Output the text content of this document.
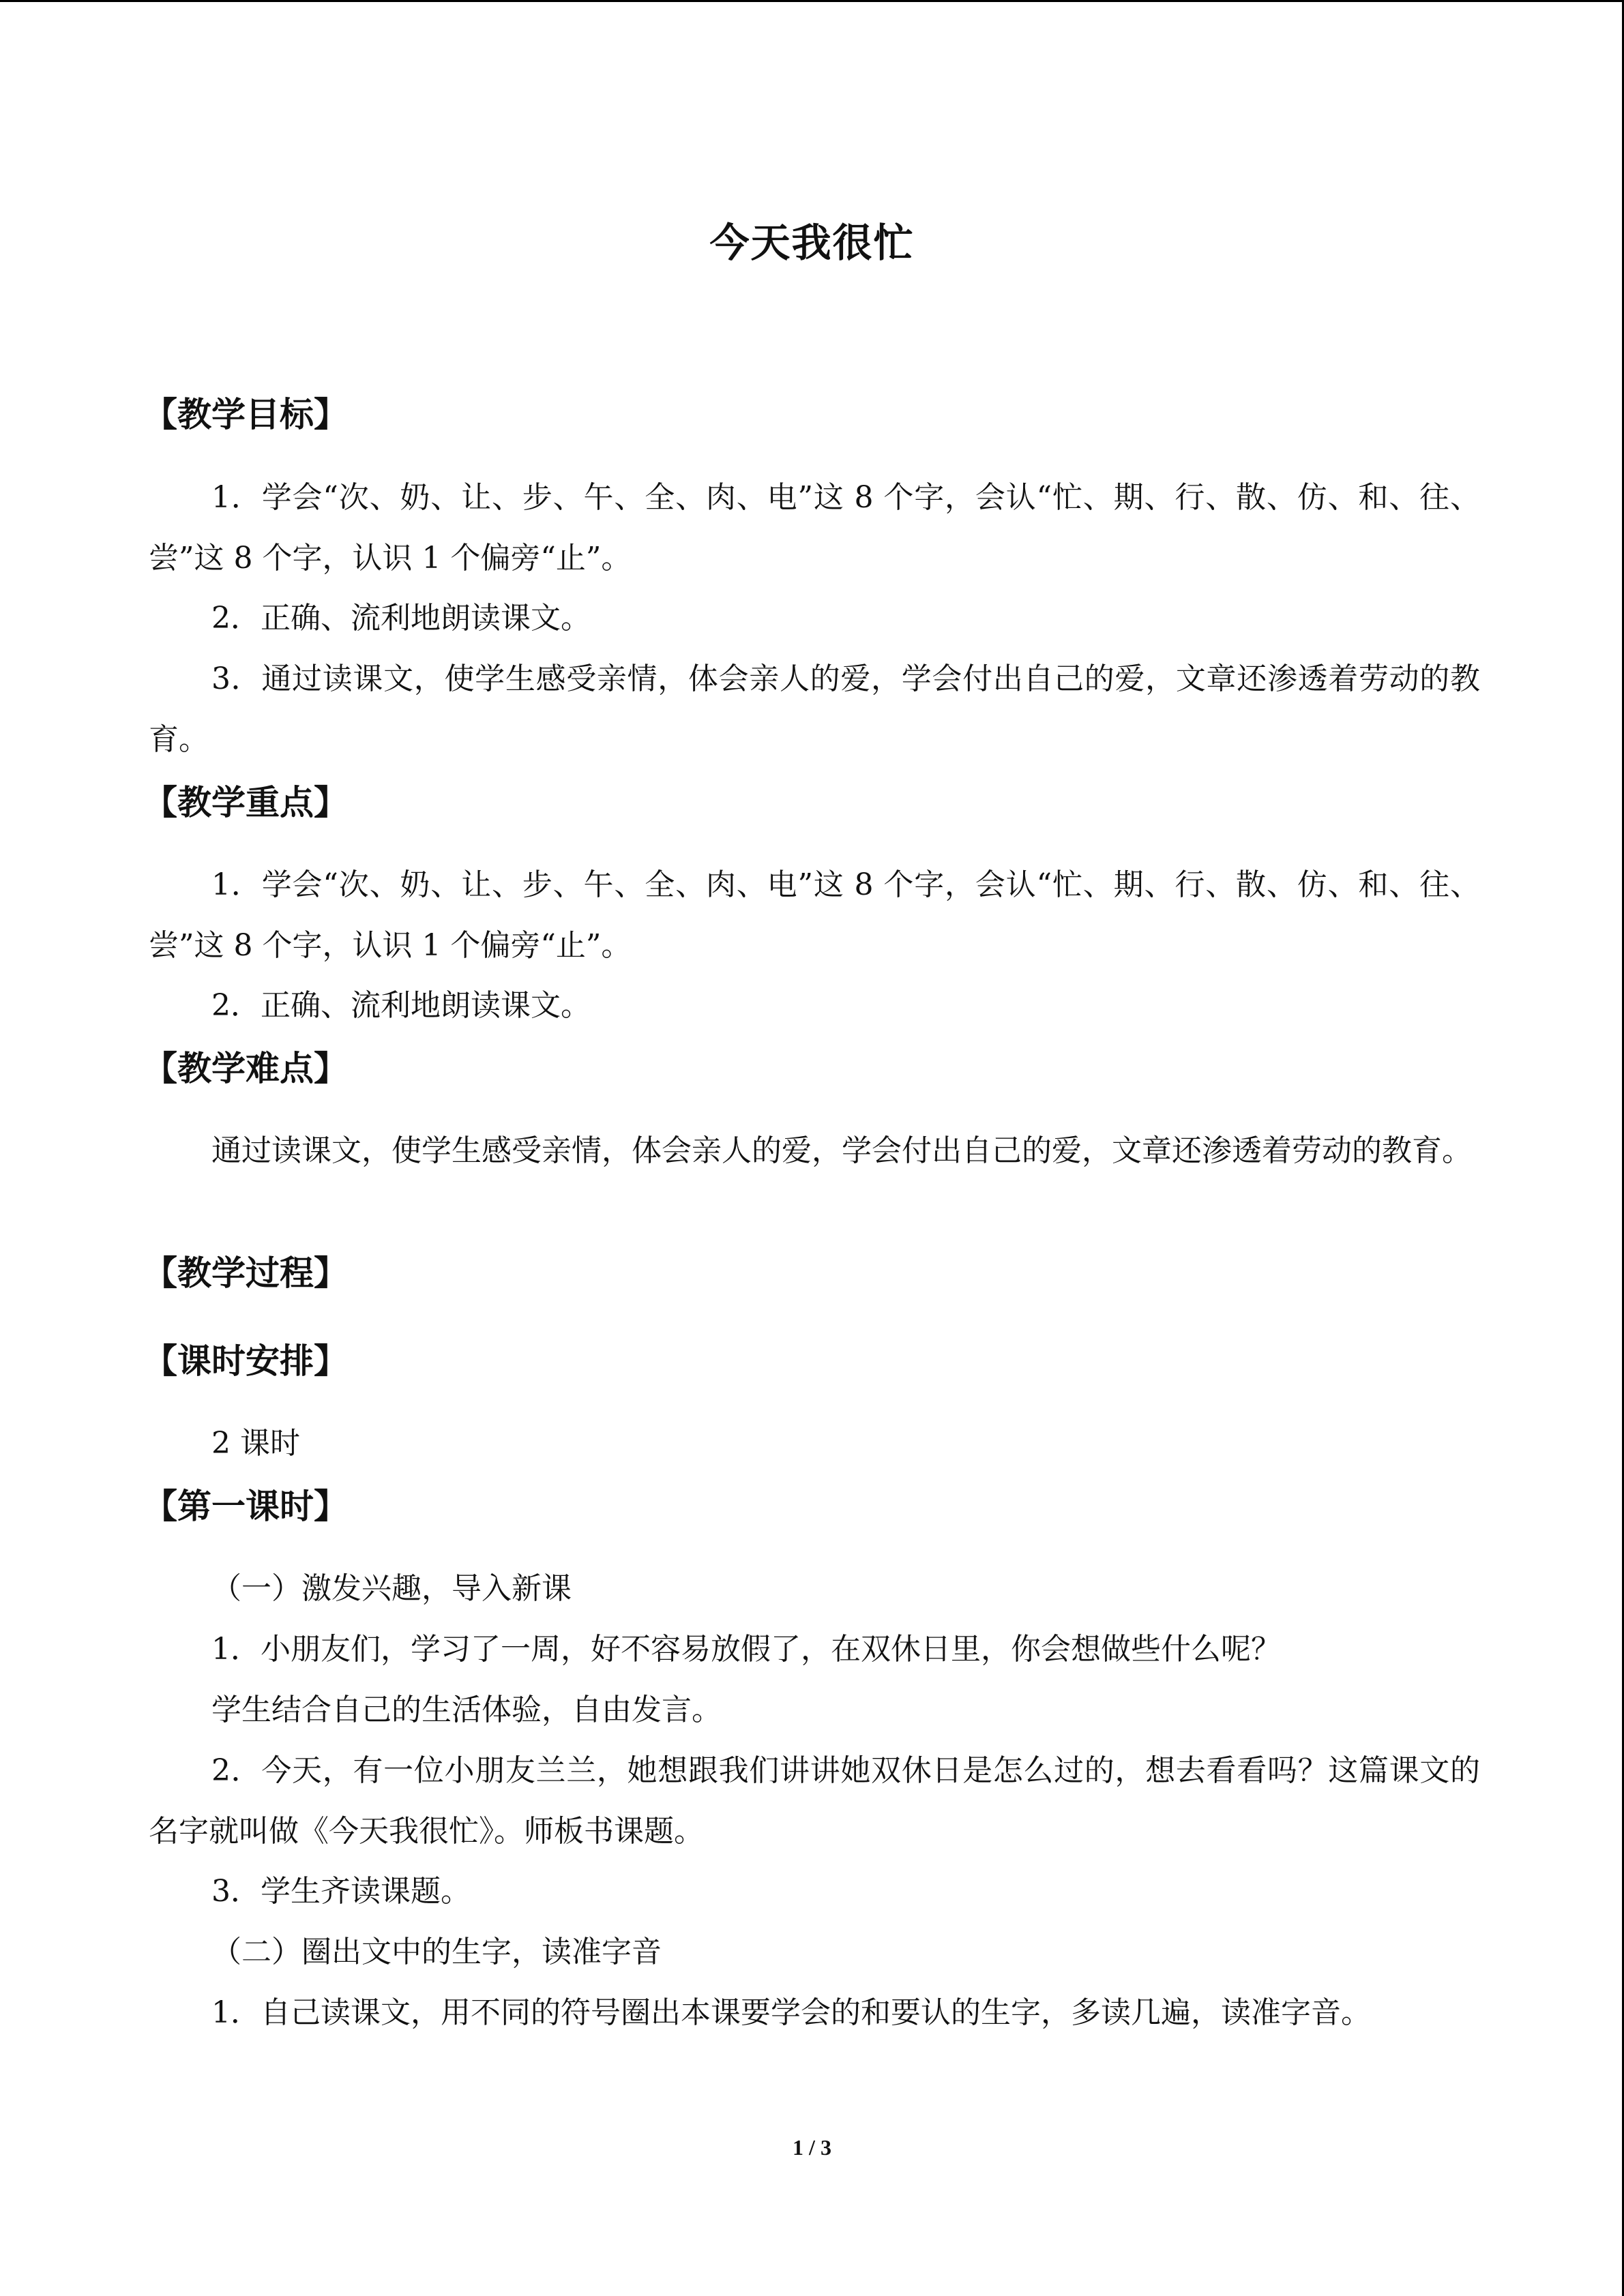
今天我很忙
【教学目标】

1．学会“次、奶、让、步、午、全、肉、电”这 8 个字，会认“忙、期、行、散、仿、和、往、尝”这 8 个字，认识 1 个偏旁“止”。

2．正确、流利地朗读课文。

3．通过读课文，使学生感受亲情，体会亲人的爱，学会付出自己的爱，文章还渗透着劳动的教育。

【教学重点】

1．学会“次、奶、让、步、午、全、肉、电”这 8 个字，会认“忙、期、行、散、仿、和、往、尝”这 8 个字，认识 1 个偏旁“止”。

2．正确、流利地朗读课文。

【教学难点】

通过读课文，使学生感受亲情，体会亲人的爱，学会付出自己的爱，文章还渗透着劳动的教育。

【教学过程】
【课时安排】

2 课时

【第一课时】

（一）激发兴趣，导入新课

1．小朋友们，学习了一周，好不容易放假了，在双休日里，你会想做些什么呢？

学生结合自己的生活体验，自由发言。

2．今天，有一位小朋友兰兰，她想跟我们讲讲她双休日是怎么过的，想去看看吗？这篇课文的名字就叫做《今天我很忙》。师板书课题。

3．学生齐读课题。

（二）圈出文中的生字，读准字音

1．自己读课文，用不同的符号圈出本课要学会的和要认的生字，多读几遍，读准字音。

1 / 3
